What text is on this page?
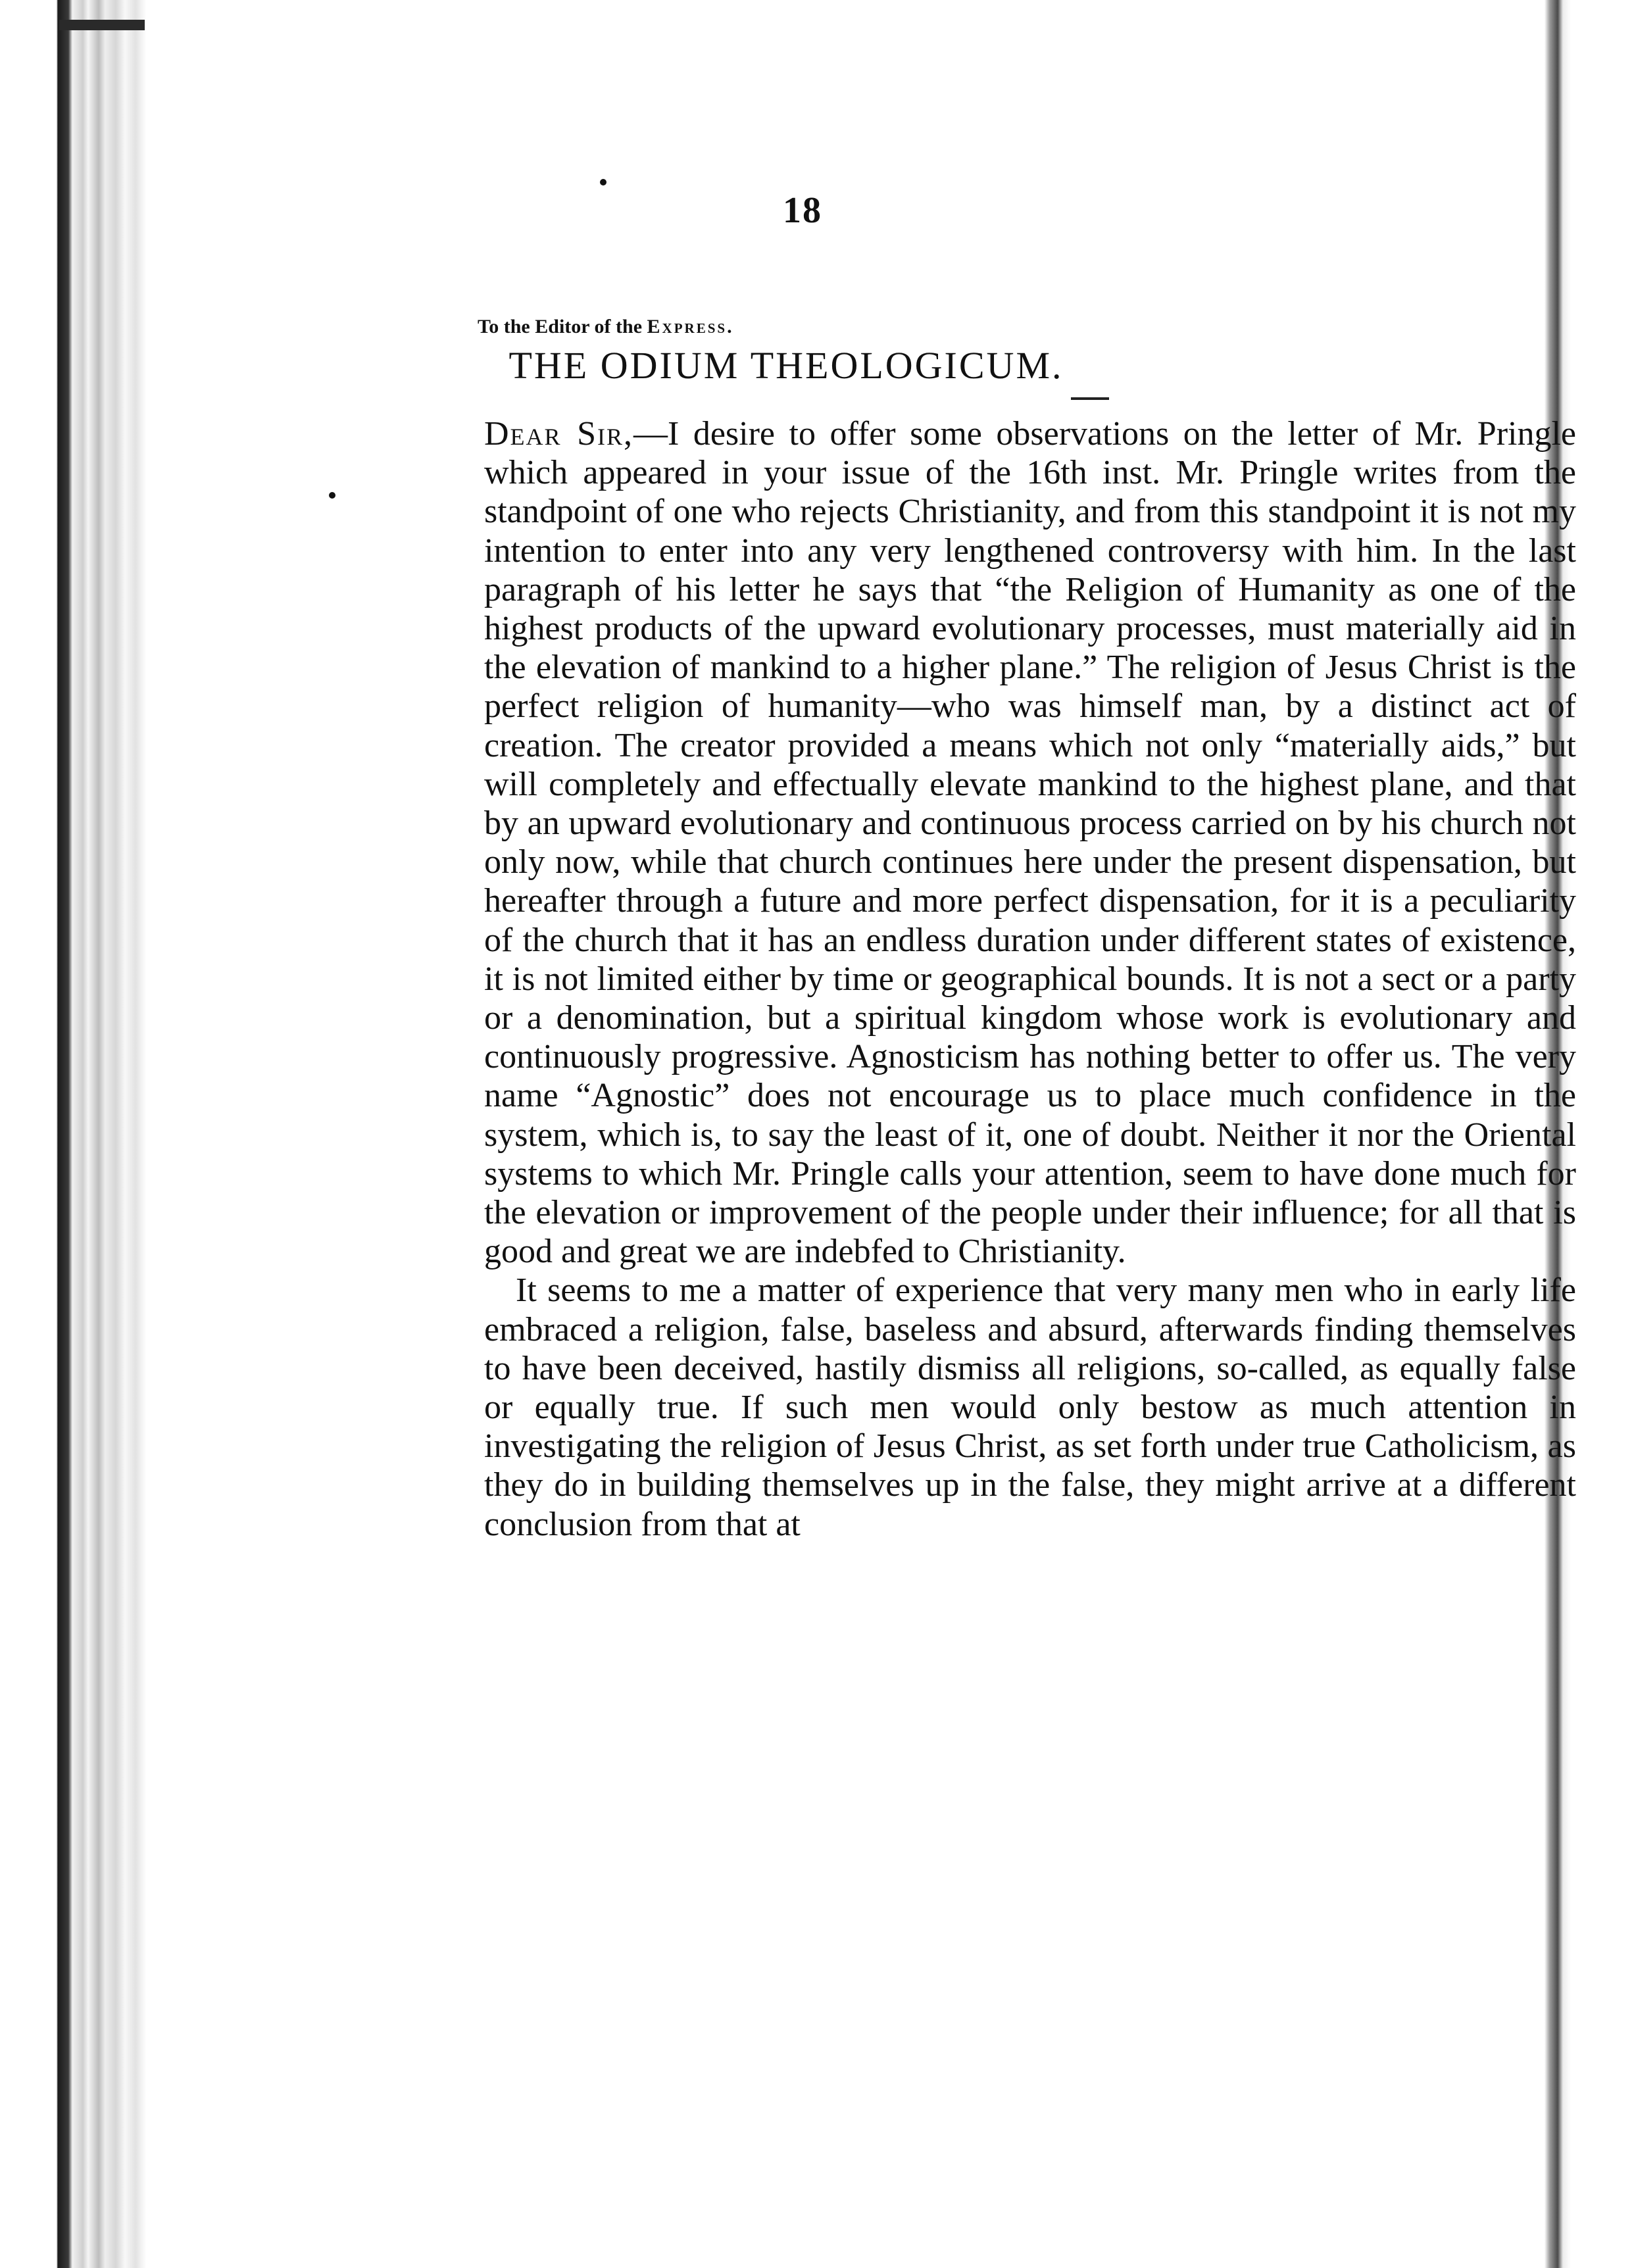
18
To the Editor of the Express.
THE ODIUM THEOLOGICUM.

Dear Sir,—I desire to offer some observations on the letter of Mr. Pringle which appeared in your issue of the 16th inst. Mr. Pringle writes from the standpoint of one who rejects Christianity, and from this standpoint it is not my intention to enter into any very lengthened controversy with him. In the last paragraph of his letter he says that “the Religion of Humanity as one of the highest products of the upward evolutionary processes, must materially aid in the elevation of mankind to a higher plane.” The religion of Jesus Christ is the perfect religion of humanity—who was himself man, by a distinct act of creation. The creator provided a means which not only “materially aids,” but will completely and effectually elevate mankind to the highest plane, and that by an upward evolutionary and continuous process carried on by his church not only now, while that church continues here under the present dispensation, but hereafter through a future and more perfect dispensation, for it is a peculiarity of the church that it has an endless duration under different states of existence, it is not limited either by time or geographical bounds. It is not a sect or a party or a denomination, but a spiritual kingdom whose work is evolutionary and continuously progressive. Agnosticism has nothing better to offer us. The very name “Agnostic” does not encourage us to place much confidence in the system, which is, to say the least of it, one of doubt. Neither it nor the Oriental systems to which Mr. Pringle calls your attention, seem to have done much for the elevation or improvement of the people under their influence; for all that is good and great we are indebfed to Christianity.

It seems to me a matter of experience that very many men who in early life embraced a religion, false, baseless and absurd, afterwards finding themselves to have been deceived, hastily dismiss all religions, so-called, as equally false or equally true. If such men would only bestow as much attention in investigating the religion of Jesus Christ, as set forth under true Catholicism, as they do in building themselves up in the false, they might arrive at a different conclusion from that at
